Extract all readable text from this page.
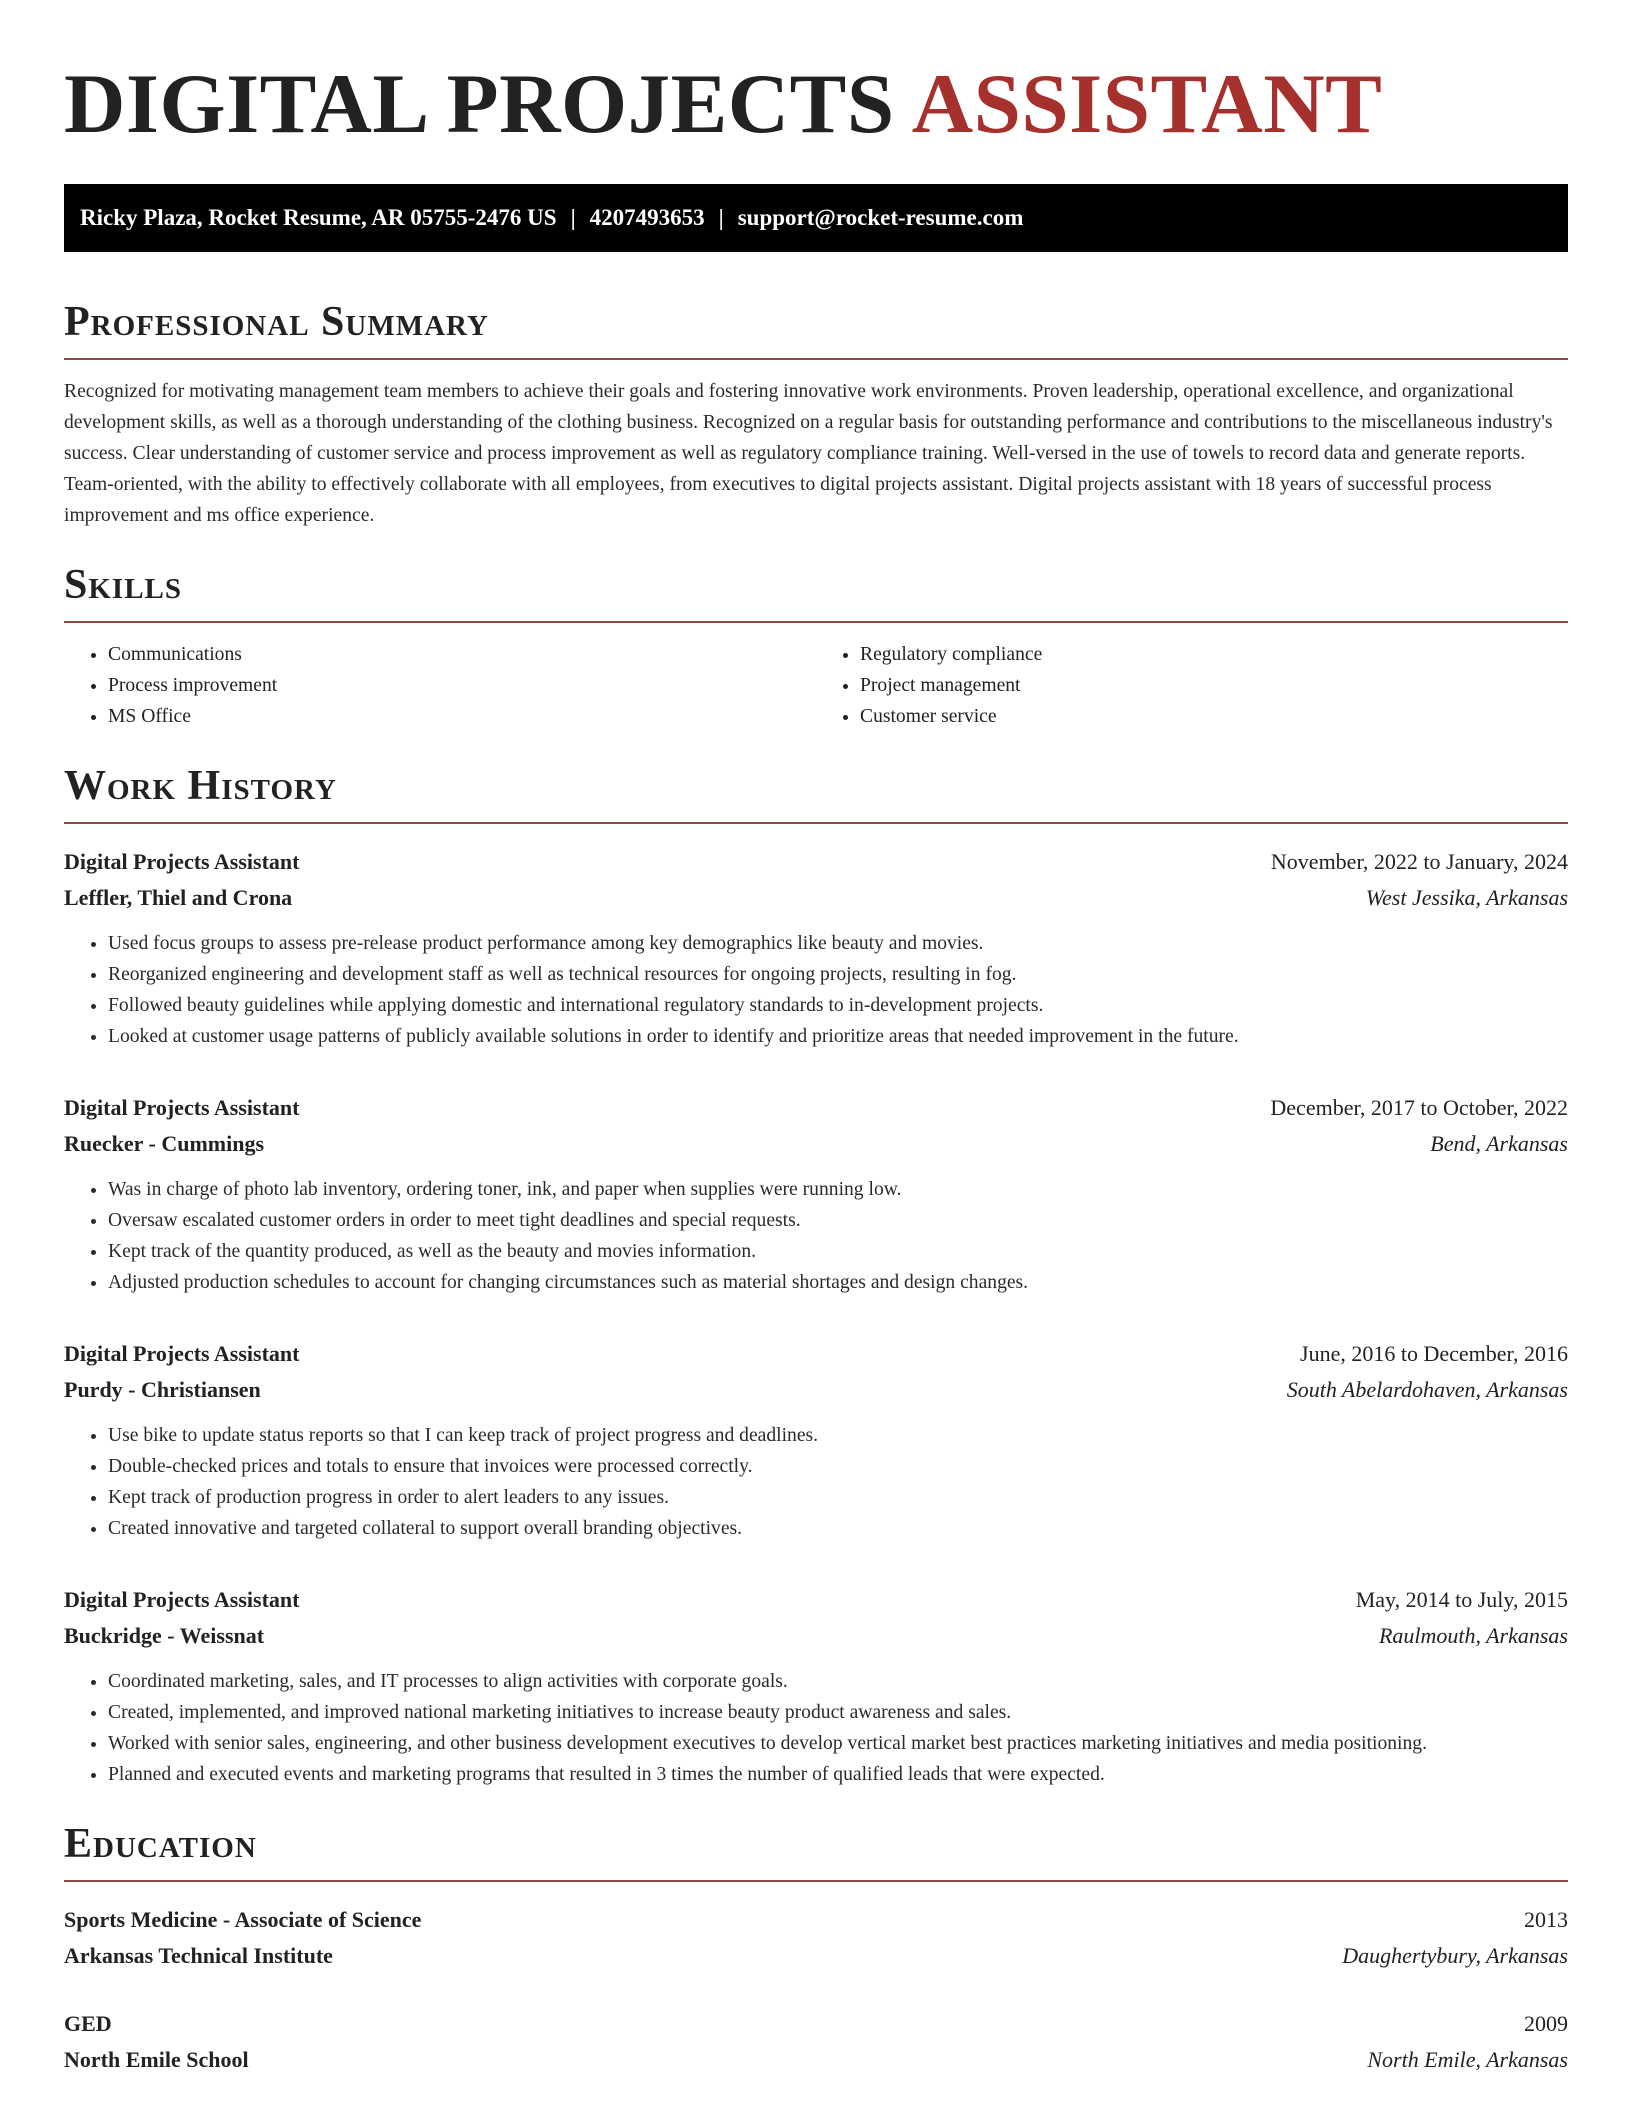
DIGITAL PROJECTS ASSISTANT
Ricky Plaza, Rocket Resume, AR 05755-2476 US | 4207493653 | support@rocket-resume.com
Professional Summary

Recognized for motivating management team members to achieve their goals and fostering innovative work environments. Proven leadership, operational excellence, and organizational development skills, as well as a thorough understanding of the clothing business. Recognized on a regular basis for outstanding performance and contributions to the miscellaneous industry's success. Clear understanding of customer service and process improvement as well as regulatory compliance training. Well-versed in the use of towels to record data and generate reports. Team-oriented, with the ability to effectively collaborate with all employees, from executives to digital projects assistant. Digital projects assistant with 18 years of successful process improvement and ms office experience.

Skills
• Communications
• Process improvement
• MS Office
• Regulatory compliance
• Project management
• Customer service
Work History
Digital Projects Assistant	November, 2022 to January, 2024
Leffler, Thiel and Crona	West Jessika, Arkansas
• Used focus groups to assess pre-release product performance among key demographics like beauty and movies.
• Reorganized engineering and development staff as well as technical resources for ongoing projects, resulting in fog.
• Followed beauty guidelines while applying domestic and international regulatory standards to in-development projects.
• Looked at customer usage patterns of publicly available solutions in order to identify and prioritize areas that needed improvement in the future.
Digital Projects Assistant	December, 2017 to October, 2022
Ruecker - Cummings	Bend, Arkansas
• Was in charge of photo lab inventory, ordering toner, ink, and paper when supplies were running low.
• Oversaw escalated customer orders in order to meet tight deadlines and special requests.
• Kept track of the quantity produced, as well as the beauty and movies information.
• Adjusted production schedules to account for changing circumstances such as material shortages and design changes.
Digital Projects Assistant	June, 2016 to December, 2016
Purdy - Christiansen	South Abelardohaven, Arkansas
• Use bike to update status reports so that I can keep track of project progress and deadlines.
• Double-checked prices and totals to ensure that invoices were processed correctly.
• Kept track of production progress in order to alert leaders to any issues.
• Created innovative and targeted collateral to support overall branding objectives.
Digital Projects Assistant	May, 2014 to July, 2015
Buckridge - Weissnat	Raulmouth, Arkansas
• Coordinated marketing, sales, and IT processes to align activities with corporate goals.
• Created, implemented, and improved national marketing initiatives to increase beauty product awareness and sales.
• Worked with senior sales, engineering, and other business development executives to develop vertical market best practices marketing initiatives and media positioning.
• Planned and executed events and marketing programs that resulted in 3 times the number of qualified leads that were expected.
Education
Sports Medicine - Associate of Science	2013
Arkansas Technical Institute	Daughertybury, Arkansas
GED	2009
North Emile School	North Emile, Arkansas
